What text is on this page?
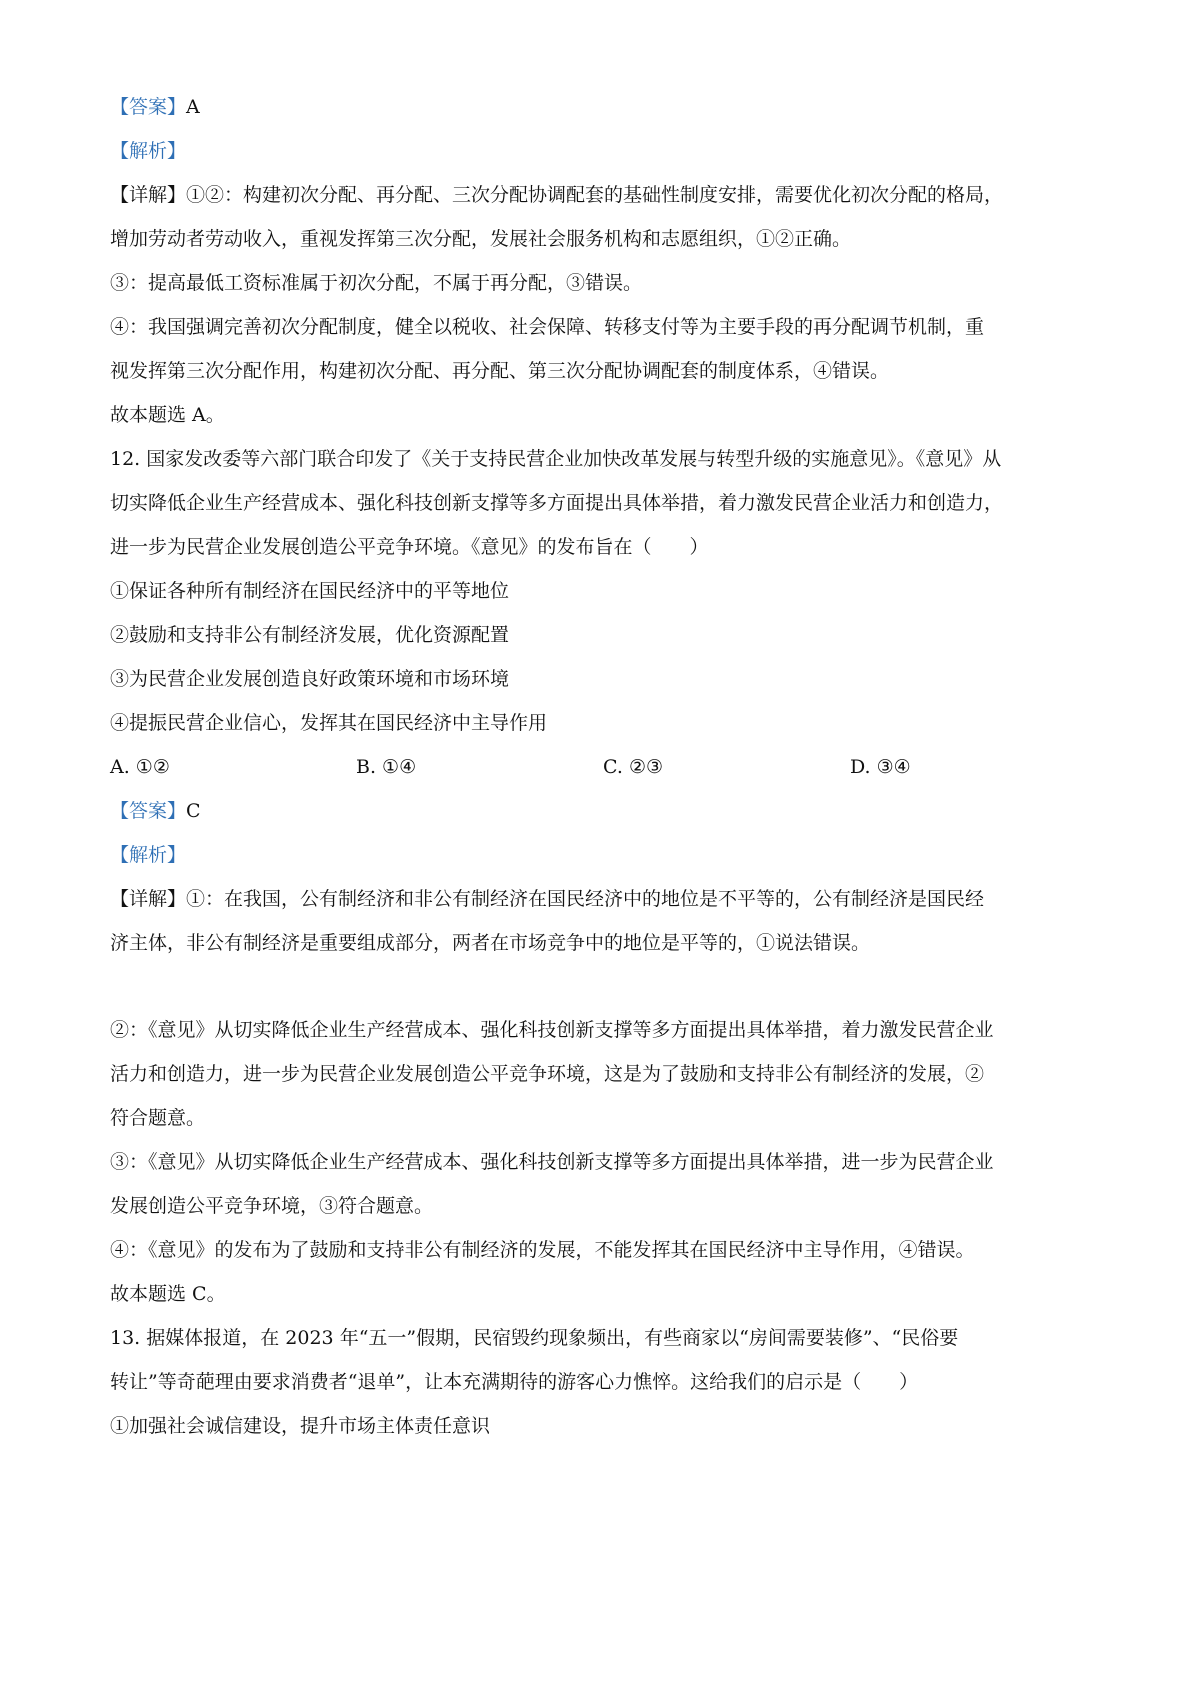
【答案】A
【解析】
【详解】①②：构建初次分配、再分配、三次分配协调配套的基础性制度安排，需要优化初次分配的格局，
增加劳动者劳动收入，重视发挥第三次分配，发展社会服务机构和志愿组织，①②正确。
③：提高最低工资标准属于初次分配，不属于再分配，③错误。
④：我国强调完善初次分配制度，健全以税收、社会保障、转移支付等为主要手段的再分配调节机制，重
视发挥第三次分配作用，构建初次分配、再分配、第三次分配协调配套的制度体系，④错误。
故本题选 A。
12. 国家发改委等六部门联合印发了《关于支持民营企业加快改革发展与转型升级的实施意见》。《意见》从
切实降低企业生产经营成本、强化科技创新支撑等多方面提出具体举措，着力激发民营企业活力和创造力，
进一步为民营企业发展创造公平竞争环境。《意见》的发布旨在（　　）
①保证各种所有制经济在国民经济中的平等地位
②鼓励和支持非公有制经济发展，优化资源配置
③为民营企业发展创造良好政策环境和市场环境
④提振民营企业信心，发挥其在国民经济中主导作用
A. ①②	B. ①④	C. ②③	D. ③④
【答案】C
【解析】
【详解】①：在我国，公有制经济和非公有制经济在国民经济中的地位是不平等的，公有制经济是国民经
济主体，非公有制经济是重要组成部分，两者在市场竞争中的地位是平等的，①说法错误。
②：《意见》从切实降低企业生产经营成本、强化科技创新支撑等多方面提出具体举措，着力激发民营企业
活力和创造力，进一步为民营企业发展创造公平竞争环境，这是为了鼓励和支持非公有制经济的发展，②
符合题意。
③：《意见》从切实降低企业生产经营成本、强化科技创新支撑等多方面提出具体举措，进一步为民营企业
发展创造公平竞争环境，③符合题意。
④：《意见》的发布为了鼓励和支持非公有制经济的发展，不能发挥其在国民经济中主导作用，④错误。
故本题选 C。
13. 据媒体报道，在 2023 年“五一”假期，民宿毁约现象频出，有些商家以“房间需要装修”、“民俗要
转让”等奇葩理由要求消费者“退单”，让本充满期待的游客心力憔悴。这给我们的启示是（　　）
①加强社会诚信建设，提升市场主体责任意识
